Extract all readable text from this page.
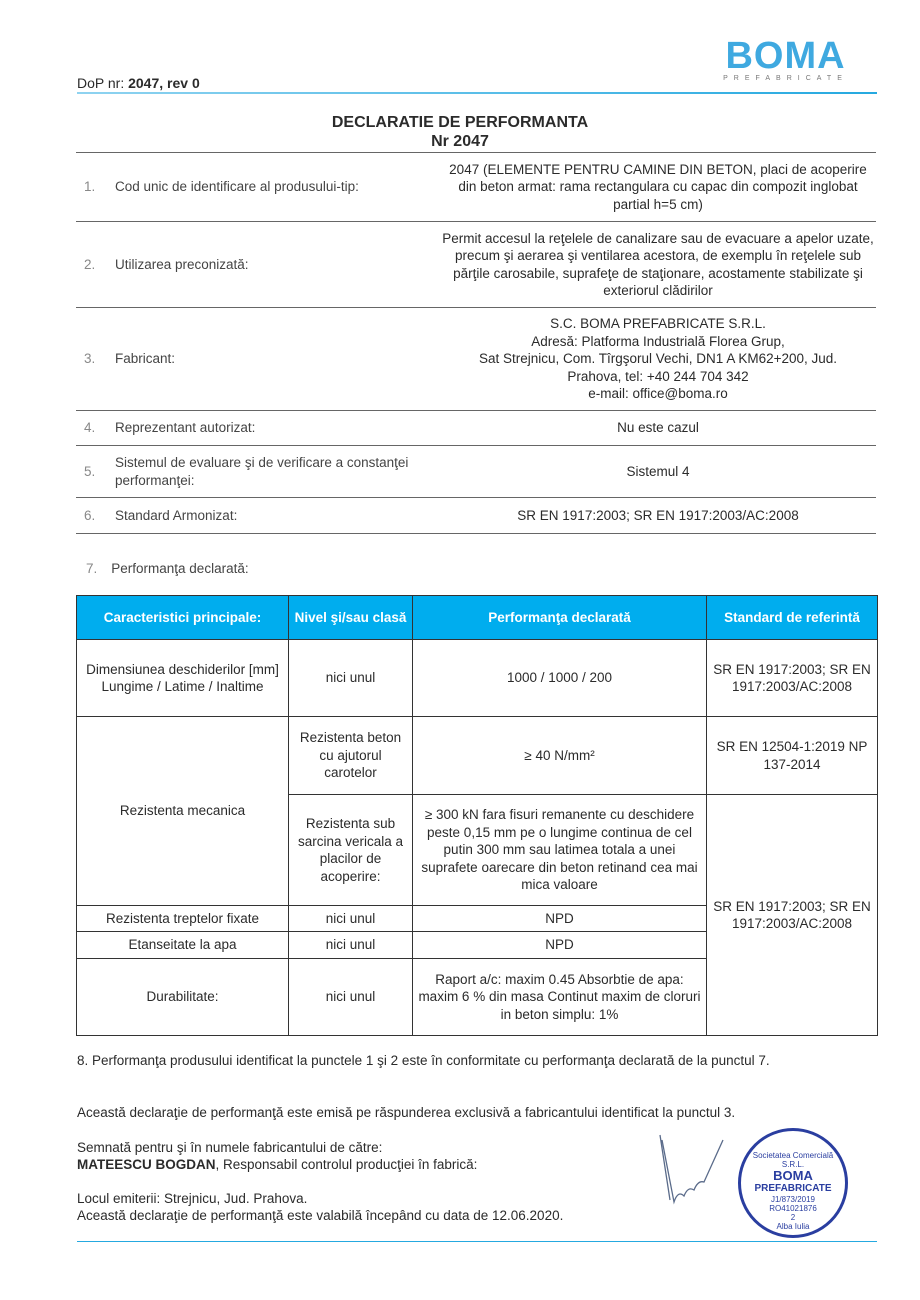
DoP nr: 2047, rev 0
BOMA
PREFABRICATE
DECLARATIE DE PERFORMANTA
Nr 2047
1.	Cod unic de identificare al produsului-tip:	2047 (ELEMENTE PENTRU CAMINE DIN BETON, placi de acoperire din beton armat: rama rectangulara cu capac din compozit inglobat partial h=5 cm)
2.	Utilizarea preconizată:	Permit accesul la reţelele de canalizare sau de evacuare a apelor uzate, precum şi aerarea şi ventilarea acestora, de exemplu în reţelele sub părţile carosabile, suprafeţe de staţionare, acostamente stabilizate şi exteriorul clădirilor
3.	Fabricant:	S.C. BOMA PREFABRICATE S.R.L.
Adresă: Platforma Industrială Florea Grup,
Sat Strejnicu, Com. Tîrgşorul Vechi, DN1 A KM62+200, Jud.
Prahova, tel: +40 244 704 342
e-mail: office@boma.ro

4.	Reprezentant autorizat:	Nu este cazul
5.	Sistemul de evaluare şi de verificare a constanţei performanţei:	Sistemul 4
6.	Standard Armonizat:	SR EN 1917:2003; SR EN 1917:2003/AC:2008
7. Performanţa declarată:
Caracteristici principale:	Nivel şi/sau clasă	Performanţa declarată	Standard de referintă
Dimensiunea deschiderilor [mm] Lungime / Latime / Inaltime	nici unul	1000 / 1000 / 200	SR EN 1917:2003; SR EN 1917:2003/AC:2008
Rezistenta mecanica	Rezistenta beton cu ajutorul carotelor	≥ 40 N/mm²	SR EN 12504-1:2019 NP 137-2014
	Rezistenta sub sarcina vericala a placilor de acoperire:	≥ 300 kN fara fisuri remanente cu deschidere peste 0,15 mm pe o lungime continua de cel putin 300 mm sau latimea totala a unei suprafete oarecare din beton retinand cea mai mica valoare	SR EN 1917:2003; SR EN 1917:2003/AC:2008
Rezistenta treptelor fixate	nici unul	NPD	
Etanseitate la apa	nici unul	NPD	
Durabilitate:	nici unul	Raport a/c: maxim 0.45 Absorbtie de apa: maxim 6 % din masa Continut maxim de cloruri in beton simplu: 1%	
8. Performanţa produsului identificat la punctele 1 şi 2 este în conformitate cu performanţa declarată de la punctul 7.
Această declaraţie de performanţă este emisă pe răspunderea exclusivă a fabricantului identificat la punctul 3.
Semnată pentru şi în numele fabricantului de către:
MATEESCU BOGDAN, Responsabil controlul producţiei în fabrică:
Locul emiterii: Strejnicu, Jud. Prahova.
Această declaraţie de performanţă este valabilă începând cu data de 12.06.2020.
Societatea Comercială
S.R.L.
BOMA
PREFABRICATE
J1/873/2019
RO41021876
2
Alba Iulia
